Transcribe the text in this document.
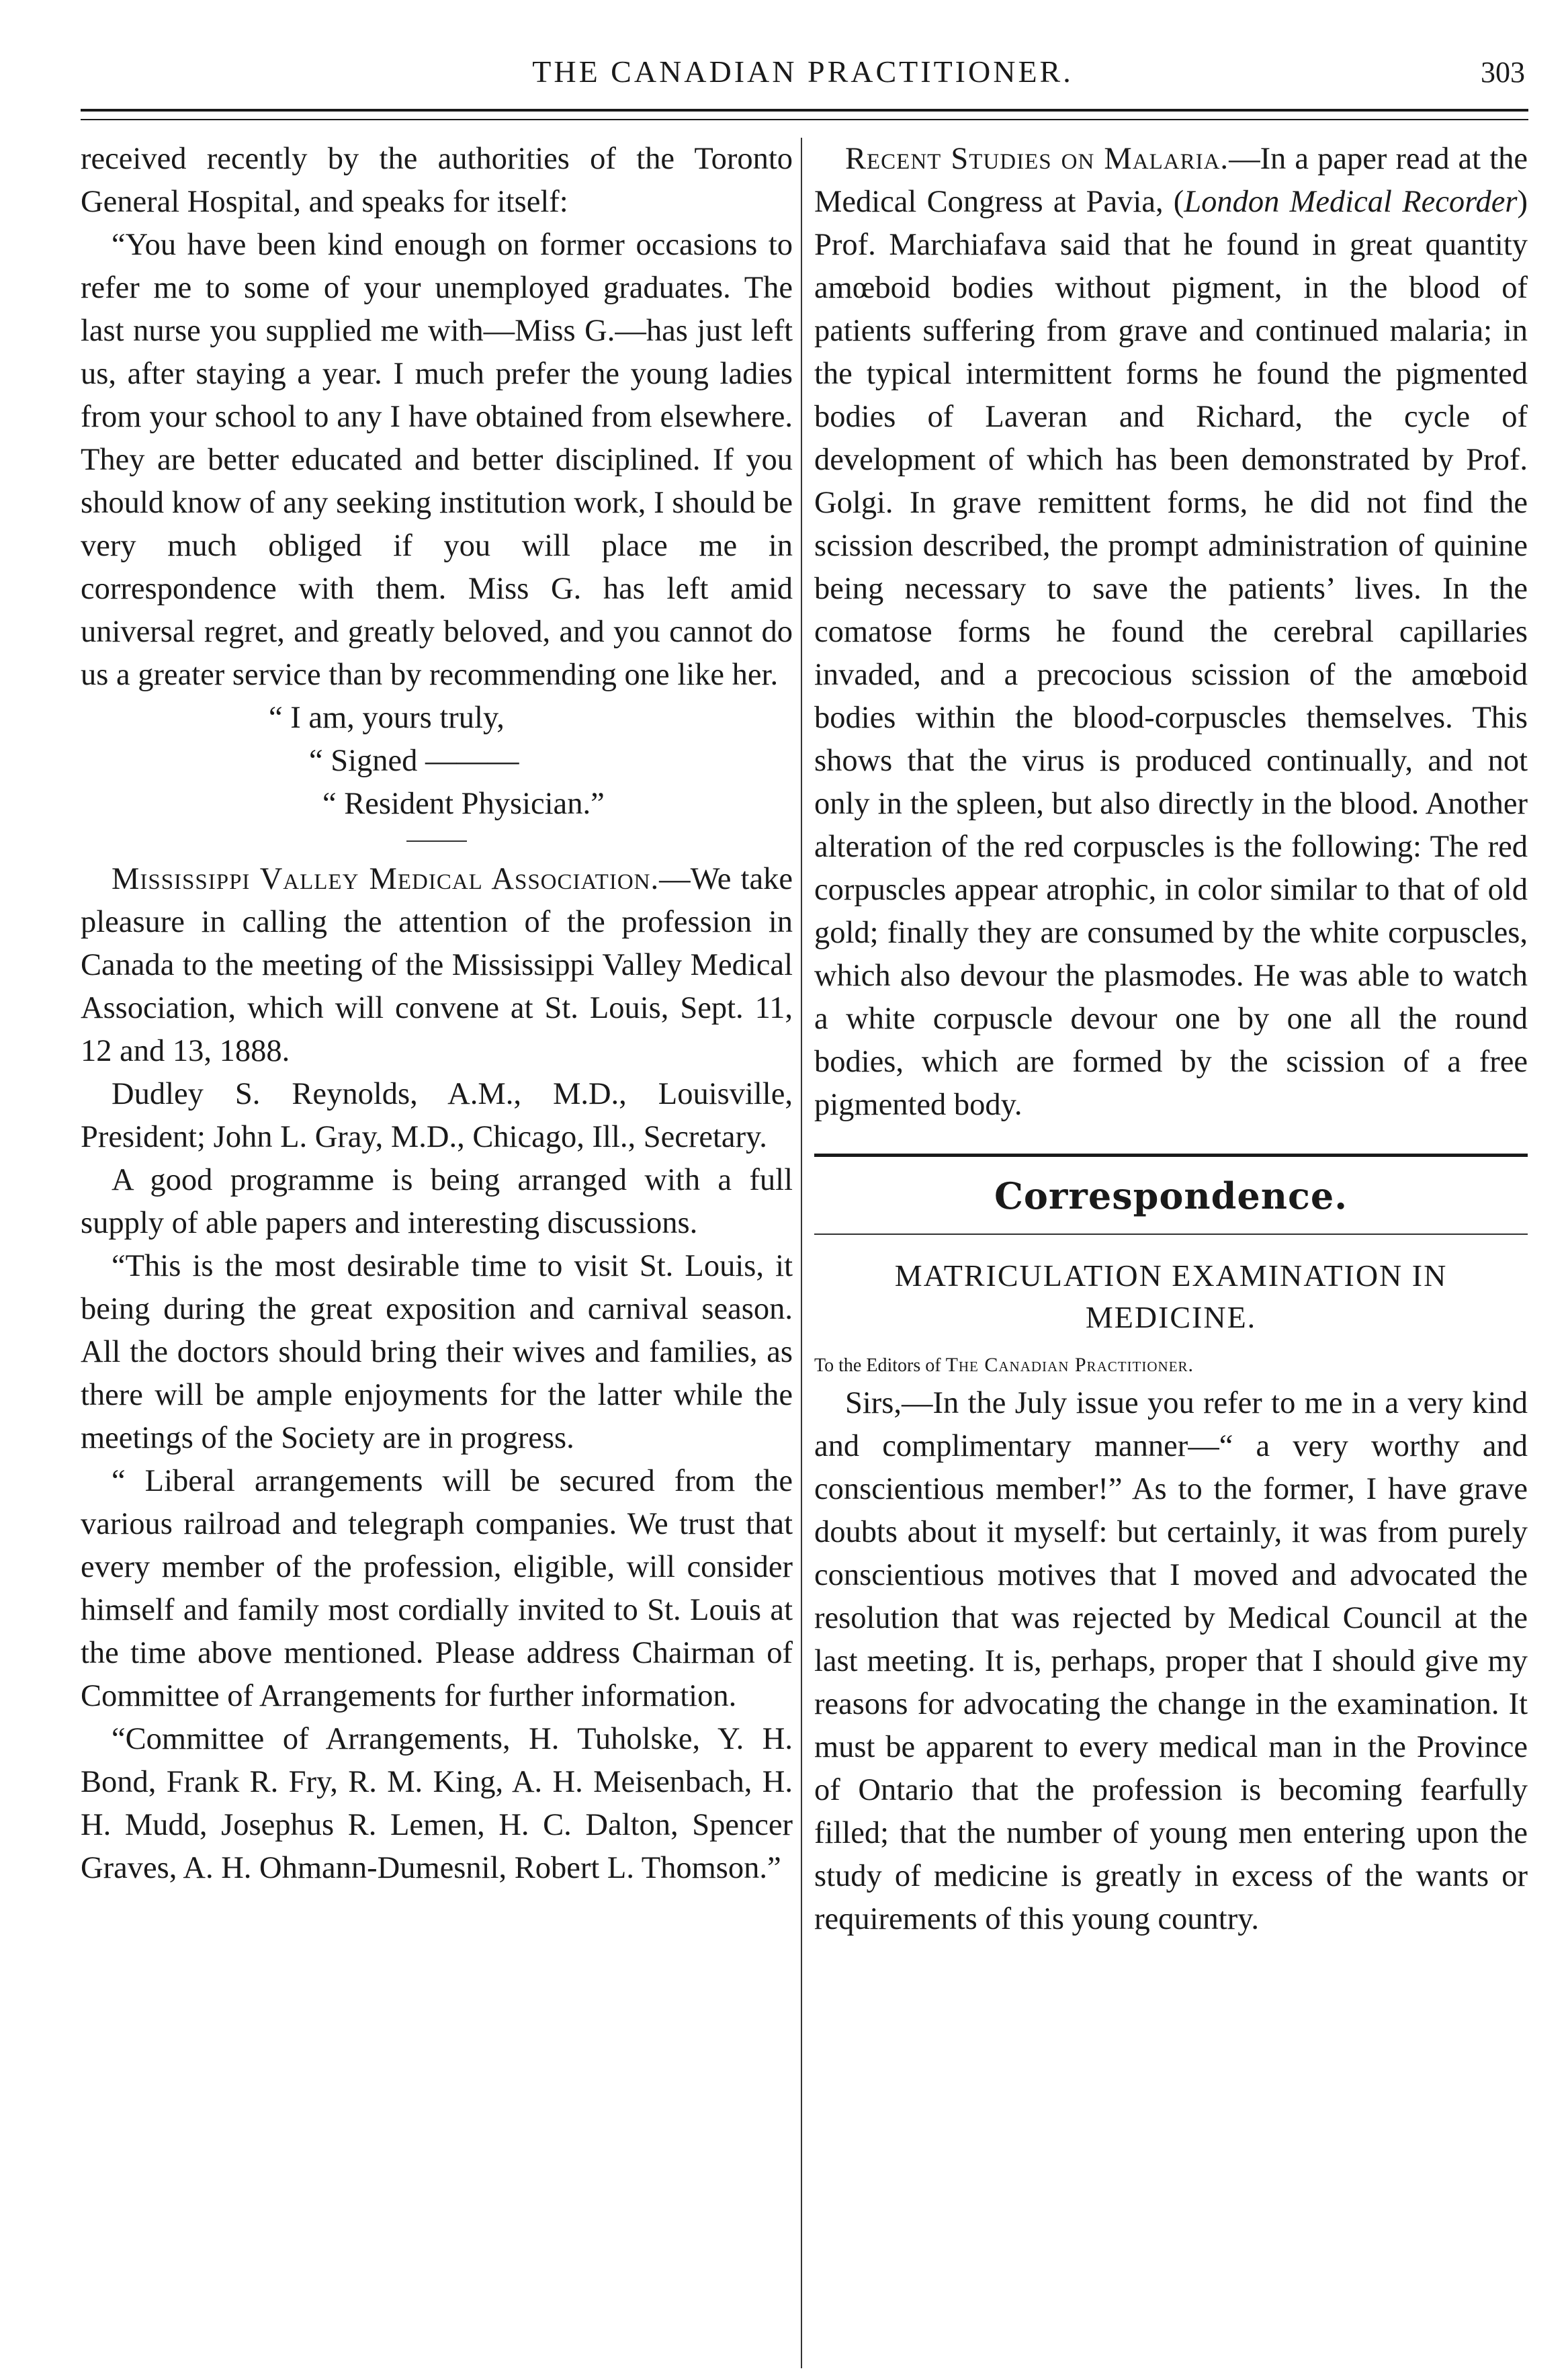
THE CANADIAN PRACTITIONER.	303

received recently by the authorities of the Toronto General Hospital, and speaks for itself:

“You have been kind enough on former occasions to refer me to some of your unemployed graduates. The last nurse you supplied me with—Miss G.—has just left us, after staying a year. I much prefer the young ladies from your school to any I have obtained from elsewhere. They are better educated and better disciplined. If you should know of any seeking institution work, I should be very much obliged if you will place me in correspondence with them. Miss G. has left amid universal regret, and greatly beloved, and you cannot do us a greater service than by recommending one like her.

“ I am, yours truly,
“ Signed ———
“ Resident Physician.”

Mississippi Valley Medical Association.—We take pleasure in calling the attention of the profession in Canada to the meeting of the Mississippi Valley Medical Association, which will convene at St. Louis, Sept. 11, 12 and 13, 1888.

Dudley S. Reynolds, A.M., M.D., Louisville, President; John L. Gray, M.D., Chicago, Ill., Secretary.

A good programme is being arranged with a full supply of able papers and interesting discussions.

“This is the most desirable time to visit St. Louis, it being during the great exposition and carnival season. All the doctors should bring their wives and families, as there will be ample enjoyments for the latter while the meetings of the Society are in progress.

“ Liberal arrangements will be secured from the various railroad and telegraph companies. We trust that every member of the profession, eligible, will consider himself and family most cordially invited to St. Louis at the time above mentioned. Please address Chairman of Committee of Arrangements for further information.

“Committee of Arrangements, H. Tuholske, Y. H. Bond, Frank R. Fry, R. M. King, A. H. Meisenbach, H. H. Mudd, Josephus R. Lemen, H. C. Dalton, Spencer Graves, A. H. Ohmann-Dumesnil, Robert L. Thomson.”

Recent Studies on Malaria.—In a paper read at the Medical Congress at Pavia, (London Medical Recorder) Prof. Marchiafava said that he found in great quantity amœboid bodies without pigment, in the blood of patients suffering from grave and continued malaria; in the typical intermittent forms he found the pigmented bodies of Laveran and Richard, the cycle of development of which has been demonstrated by Prof. Golgi. In grave remittent forms, he did not find the scission described, the prompt administration of quinine being necessary to save the patients’ lives. In the comatose forms he found the cerebral capillaries invaded, and a precocious scission of the amœboid bodies within the blood-corpuscles themselves. This shows that the virus is produced continually, and not only in the spleen, but also directly in the blood. Another alteration of the red corpuscles is the following: The red corpuscles appear atrophic, in color similar to that of old gold; finally they are consumed by the white corpuscles, which also devour the plasmodes. He was able to watch a white corpuscle devour one by one all the round bodies, which are formed by the scission of a free pigmented body.

Correspondence.
MATRICULATION EXAMINATION IN
MEDICINE.
To the Editors of The Canadian Practitioner.

Sirs,—In the July issue you refer to me in a very kind and complimentary manner—“ a very worthy and conscientious member!” As to the former, I have grave doubts about it myself: but certainly, it was from purely conscientious motives that I moved and advocated the resolution that was rejected by Medical Council at the last meeting. It is, perhaps, proper that I should give my reasons for advocating the change in the examination. It must be apparent to every medical man in the Province of Ontario that the profession is becoming fearfully filled; that the number of young men entering upon the study of medicine is greatly in excess of the wants or requirements of this young country.
